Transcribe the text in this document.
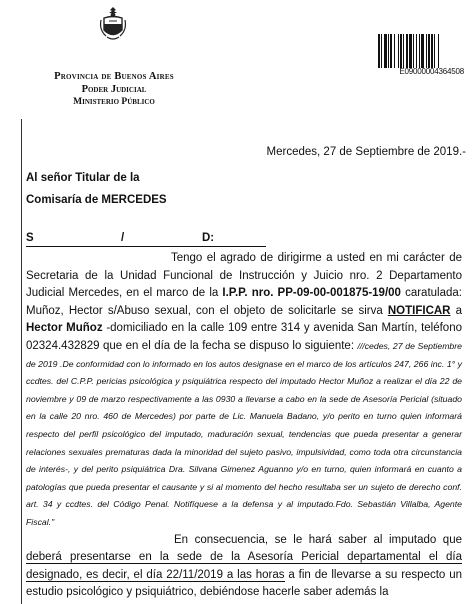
Provincia de Buenos Aires
Poder Judicial
Ministerio Público
E09000004364508
Mercedes, 27 de Septiembre de 2019.-
Al señor Titular de la
Comisaría de MERCEDES
S	/	D:

Tengo el agrado de dirigirme a usted en mi carácter de Secretaria de la Unidad Funcional de Instrucción y Juicio nro. 2 Departamento Judicial Mercedes, en el marco de la I.P.P. nro. PP-09-00-001875-19/00 caratulada: Muñoz, Hector s/Abuso sexual, con el objeto de solicitarle se sirva NOTIFICAR a Hector Muñoz -domiciliado en la calle 109 entre 314 y avenida San Martín, teléfono 02324.432829 que en el día de la fecha se dispuso lo siguiente: ///cedes, 27 de Septiembre de 2019 .De conformidad con lo informado en los autos designase en el marco de los artículos 247, 266 inc. 1° y ccdtes. del C.P.P. pericias psicológica y psiquiátrica respecto del imputado Hector Muñoz a realizar el día 22 de noviembre y 09 de marzo respectivamente a las 0930 a llevarse a cabo en la sede de Asesoría Pericial (situado en la calle 20 nro. 460 de Mercedes) por parte de Lic. Manuela Badano, y/o perito en turno quien informará respecto del perfil psicológico del imputado, maduración sexual, tendencias que pueda presentar a generar relaciones sexuales prematuras dada la minoridad del sujeto pasivo, impulsividad, como toda otra circunstancia de interés-, y del perito psiquiátrica Dra. Silvana Gimenez Aguanno y/o en turno, quien informará en cuanto a patologías que pueda presentar el causante y si al momento del hecho resultaba ser un sujeto de derecho conf. art. 34 y ccdtes. del Código Penal. Notifíquese a la defensa y al imputado.Fdo. Sebastián Villalba, Agente Fiscal."

En consecuencia, se le hará saber al imputado que deberá presentarse en la sede de la Asesoría Pericial departamental el día designado, es decir, el día 22/11/2019 a las horas a fin de llevarse a su respecto un estudio psicológico y psiquiátrico, debiéndose hacerle saber además la
